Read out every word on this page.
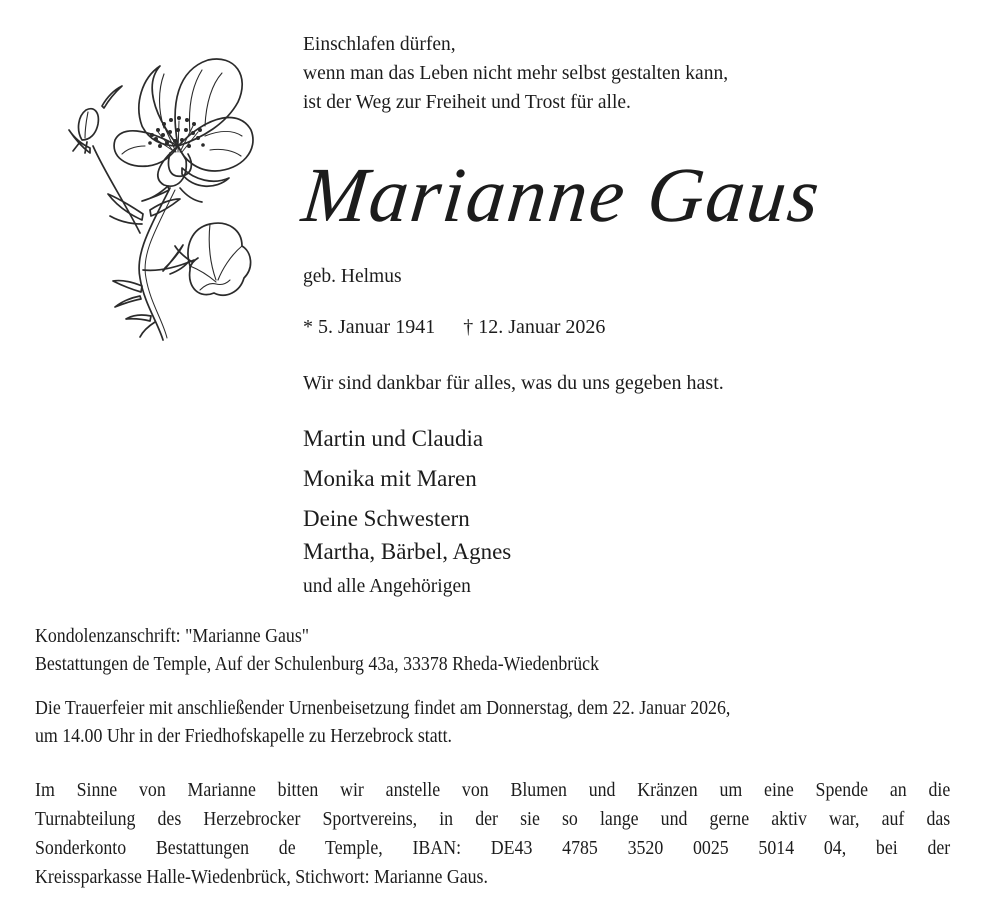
Einschlafen dürfen,
wenn man das Leben nicht mehr selbst gestalten kann,
ist der Weg zur Freiheit und Trost für alle.
Marianne Gaus
geb. Helmus
* 5. Januar 1941 † 12. Januar 2026
Wir sind dankbar für alles, was du uns gegeben hast.
Martin und Claudia
Monika mit Maren
Deine Schwestern
Martha, Bärbel, Agnes
und alle Angehörigen
Kondolenzanschrift: "Marianne Gaus"
Bestattungen de Temple, Auf der Schulenburg 43a, 33378 Rheda-Wiedenbrück
Die Trauerfeier mit anschließender Urnenbeisetzung findet am Donnerstag, dem 22. Januar 2026,
um 14.00 Uhr in der Friedhofskapelle zu Herzebrock statt.
Im Sinne von Marianne bitten wir anstelle von Blumen und Kränzen um eine Spende an die
Turnabteilung des Herzebrocker Sportvereins, in der sie so lange und gerne aktiv war, auf das
Sonderkonto Bestattungen de Temple, IBAN: DE43 4785 3520 0025 5014 04, bei der
Kreissparkasse Halle-Wiedenbrück, Stichwort: Marianne Gaus.
